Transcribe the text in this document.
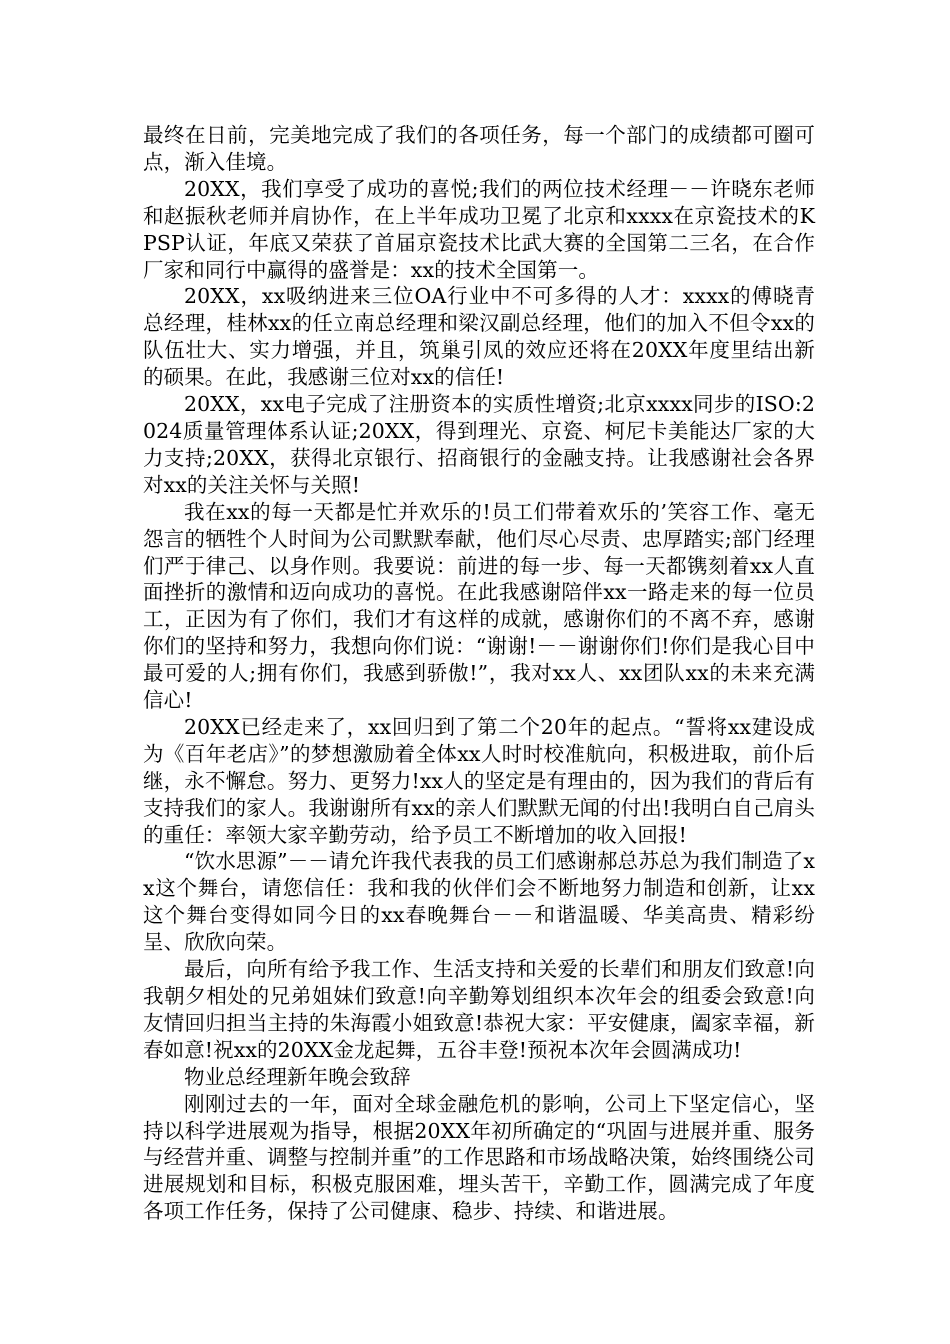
最终在日前，完美地完成了我们的各项任务，每一个部门的成绩都可圈可点，渐入佳境。

20XX，我们享受了成功的喜悦;我们的两位技术经理－－许晓东老师和赵振秋老师并肩协作，在上半年成功卫冕了北京和xxxx在京瓷技术的KPSP认证，年底又荣获了首届京瓷技术比武大赛的全国第二三名，在合作厂家和同行中赢得的盛誉是：xx的技术全国第一。

20XX，xx吸纳进来三位OA行业中不可多得的人才：xxxx的傅晓青总经理，桂林xx的任立南总经理和梁汉副总经理，他们的加入不但令xx的队伍壮大、实力增强，并且，筑巢引凤的效应还将在20XX年度里结出新的硕果。在此，我感谢三位对xx的信任!

20XX，xx电子完成了注册资本的实质性增资;北京xxxx同步的ISO:2024质量管理体系认证;20XX，得到理光、京瓷、柯尼卡美能达厂家的大力支持;20XX，获得北京银行、招商银行的金融支持。让我感谢社会各界对xx的关注关怀与关照!

我在xx的每一天都是忙并欢乐的!员工们带着欢乐的’笑容工作、毫无怨言的牺牲个人时间为公司默默奉献，他们尽心尽责、忠厚踏实;部门经理们严于律己、以身作则。我要说：前进的每一步、每一天都镌刻着xx人直面挫折的激情和迈向成功的喜悦。在此我感谢陪伴xx一路走来的每一位员工，正因为有了你们，我们才有这样的成就，感谢你们的不离不弃，感谢你们的坚持和努力，我想向你们说：“谢谢!－－谢谢你们!你们是我心目中最可爱的人;拥有你们，我感到骄傲!”，我对xx人、xx团队xx的未来充满信心!

20XX已经走来了，xx回归到了第二个20年的起点。“誓将xx建设成为《百年老店》”的梦想激励着全体xx人时时校准航向，积极进取，前仆后继，永不懈怠。努力、更努力!xx人的坚定是有理由的，因为我们的背后有支持我们的家人。我谢谢所有xx的亲人们默默无闻的付出!我明白自己肩头的重任：率领大家辛勤劳动，给予员工不断增加的收入回报!

“饮水思源”－－请允许我代表我的员工们感谢郝总苏总为我们制造了xx这个舞台，请您信任：我和我的伙伴们会不断地努力制造和创新，让xx这个舞台变得如同今日的xx春晚舞台－－和谐温暖、华美高贵、精彩纷呈、欣欣向荣。

最后，向所有给予我工作、生活支持和关爱的长辈们和朋友们致意!向我朝夕相处的兄弟姐妹们致意!向辛勤筹划组织本次年会的组委会致意!向友情回归担当主持的朱海霞小姐致意!恭祝大家：平安健康，阖家幸福，新春如意!祝xx的20XX金龙起舞，五谷丰登!预祝本次年会圆满成功!

物业总经理新年晚会致辞

刚刚过去的一年，面对全球金融危机的影响，公司上下坚定信心，坚持以科学进展观为指导，根据20XX年初所确定的“巩固与进展并重、服务与经营并重、调整与控制并重”的工作思路和市场战略决策，始终围绕公司进展规划和目标，积极克服困难，埋头苦干，辛勤工作，圆满完成了年度各项工作任务，保持了公司健康、稳步、持续、和谐进展。
